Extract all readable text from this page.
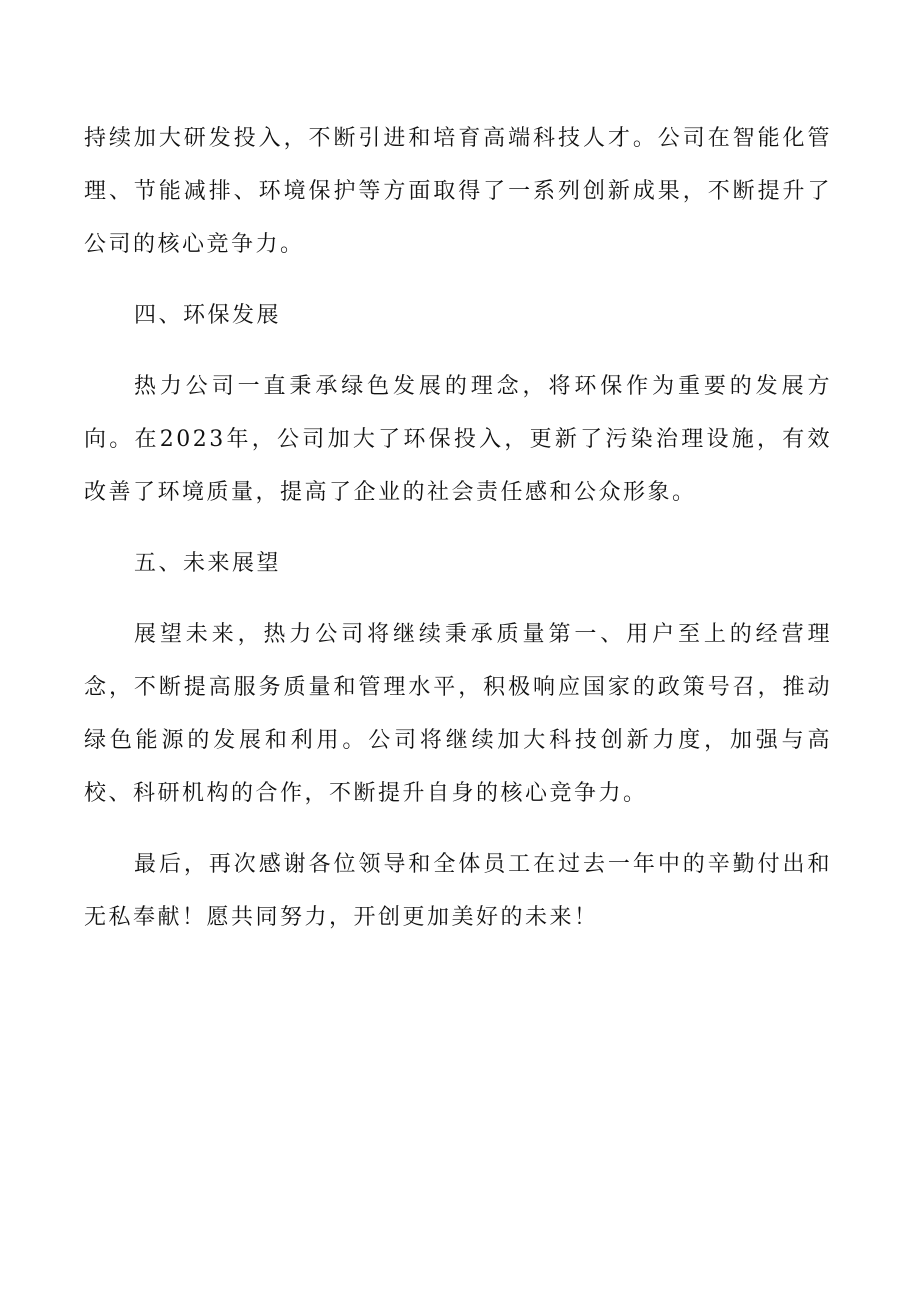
持续加大研发投入，不断引进和培育高端科技人才。公司在智能化管理、节能减排、环境保护等方面取得了一系列创新成果，不断提升了公司的核心竞争力。

四、环保发展

热力公司一直秉承绿色发展的理念，将环保作为重要的发展方向。在2023年，公司加大了环保投入，更新了污染治理设施，有效改善了环境质量，提高了企业的社会责任感和公众形象。

五、未来展望

展望未来，热力公司将继续秉承质量第一、用户至上的经营理念，不断提高服务质量和管理水平，积极响应国家的政策号召，推动绿色能源的发展和利用。公司将继续加大科技创新力度，加强与高校、科研机构的合作，不断提升自身的核心竞争力。

最后，再次感谢各位领导和全体员工在过去一年中的辛勤付出和无私奉献！愿共同努力，开创更加美好的未来！
